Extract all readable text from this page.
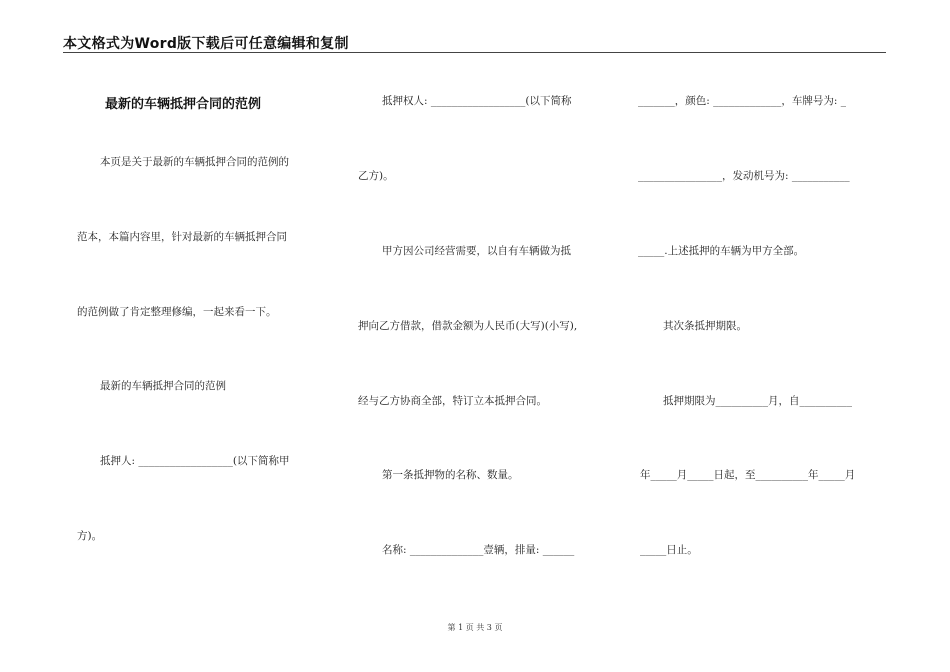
本文格式为Word版下载后可任意编辑和复制
最新的车辆抵押合同的范例
本页是关于最新的车辆抵押合同的范例的
范本，本篇内容里，针对最新的车辆抵押合同
的范例做了肯定整理修编，一起来看一下。
最新的车辆抵押合同的范例
抵押人: __________________(以下简称甲
方)。
抵押权人: __________________(以下简称
乙方)。
甲方因公司经营需要，以自有车辆做为抵
押向乙方借款，借款金额为人民币(大写)(小写),
经与乙方协商全部，特订立本抵押合同。
第一条抵押物的名称、数量。
名称: ______________壹辆，排量: ______
_______，颜色: _____________，车牌号为: _
________________，发动机号为: ___________
_____.上述抵押的车辆为甲方全部。
其次条抵押期限。
抵押期限为__________月，自__________
年_____月_____日起，至__________年_____月
_____日止。
第 1 页 共 3 页
